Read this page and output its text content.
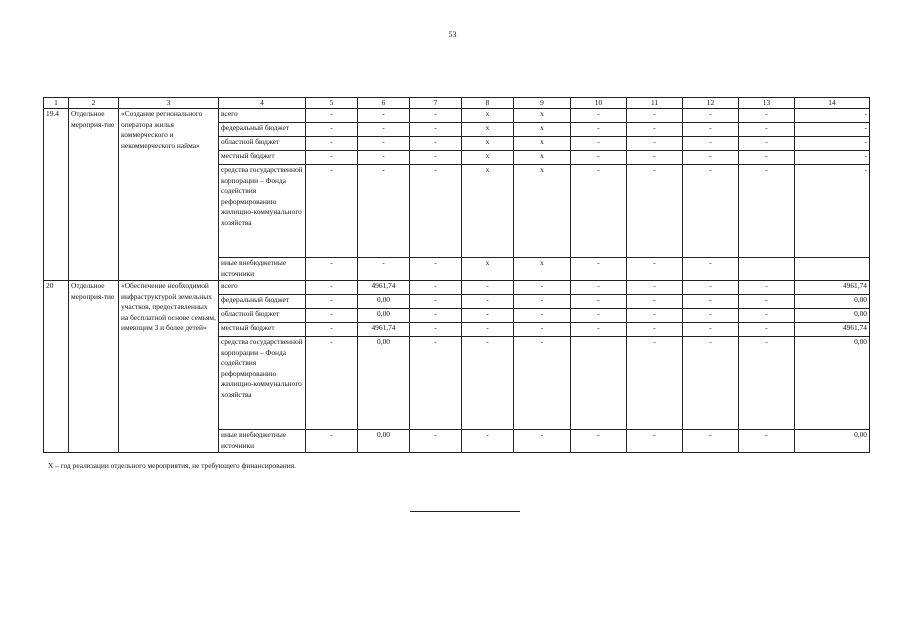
53
1	2	3	4	5	6	7	8	9	10	11	12	13	14
19.4	Отдельное мероприя-тие	«Создание регионального оператора жилья коммерческого и некоммерческого найма»	всего	-	-	-	х	х	-	-	-	-	-
			федеральный бюджет	-	-	-	х	х	-	-	-	-	-
			областной бюджет	-	-	-	х	х	-	-	-	-	-
			местный бюджет	-	-	-	х	х	-	-	-	-	-
			средства государственной корпорации – Фонда содействия реформированию жилищно-коммунального хозяйства	-	-	-	х	х	-	-	-	-	-
			иные внебюджетные источники	-	-	-	х	х	-	-	-		
20	Отдельное мероприя-тие	«Обеспечение необходимой инфраструктурой земельных участков, предоставленных на бесплатной основе семьям, имеющим 3 и более детей»	всего	-	4961,74	-	-	-	-	-	-	-	4961,74
			федеральный бюджет	-	0,00	-	-	-	-	-	-	-	0,00
			областной бюджет	-	0,00	-	-	-	-	-	-	-	0,00
			местный бюджет	-	4961,74	-	-	-	-	-	-	-	4961,74
			средства государственной корпорации – Фонда содействия реформированию жилищно-коммунального хозяйства	-	0,00	-	-	-		-	-	-	0,00
			иные внебюджетные источники	-	0,00	-	-	-	-	-	-	-	0,00
Х – год реализации отдельного мероприятия, не требующего финансирования.
